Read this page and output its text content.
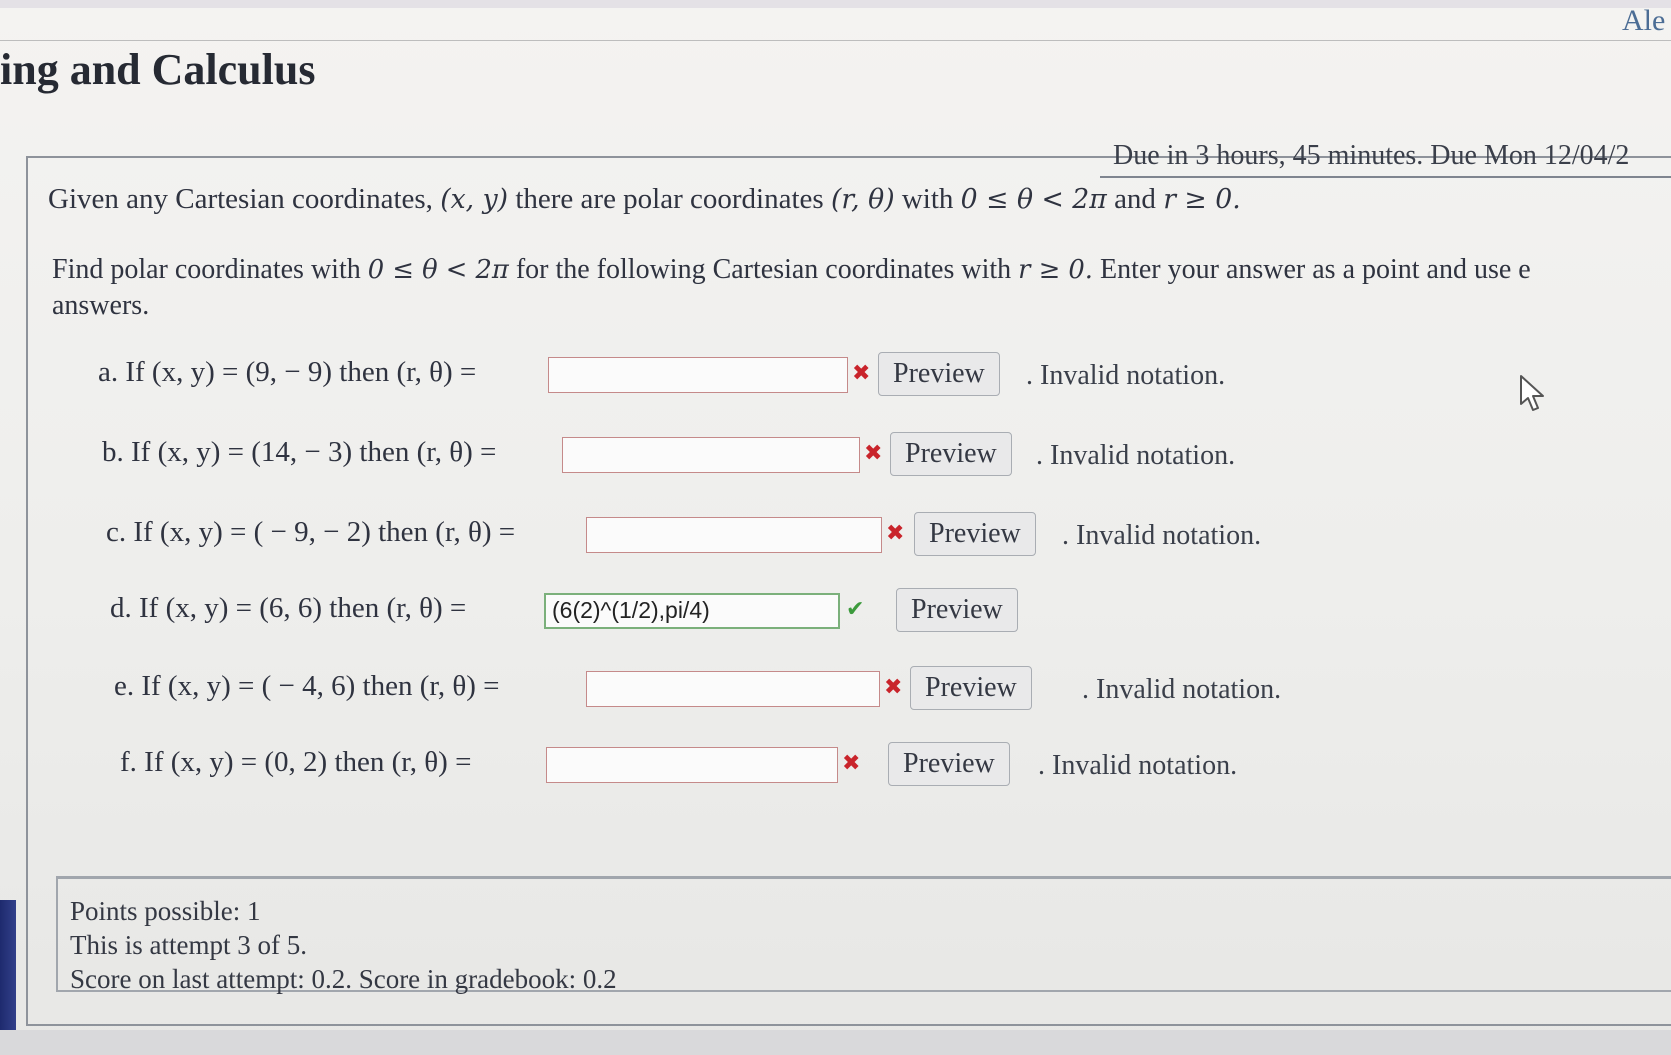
Ale
ing and Calculus
Due in 3 hours, 45 minutes. Due Mon 12/04/2
Given any Cartesian coordinates, (x, y) there are polar coordinates (r, θ) with 0 ≤ θ < 2π and r ≥ 0.
Find polar coordinates with 0 ≤ θ < 2π for the following Cartesian coordinates with r ≥ 0. Enter your answer as a point and use e
answers.
a. If (x, y) = (9, − 9) then (r, θ) =	✖ Preview	. Invalid notation.
b. If (x, y) = (14, − 3) then (r, θ) =	✖ Preview	. Invalid notation.
c. If (x, y) = ( − 9, − 2) then (r, θ) =	✖ Preview	. Invalid notation.
d. If (x, y) = (6, 6) then (r, θ) =	(6(2)^(1/2),pi/4)	✔	Preview
e. If (x, y) = ( − 4, 6) then (r, θ) =	✖ Preview	. Invalid notation.
f. If (x, y) = (0, 2) then (r, θ) =	✖	Preview	. Invalid notation.
Points possible: 1
This is attempt 3 of 5.
Score on last attempt: 0.2. Score in gradebook: 0.2
